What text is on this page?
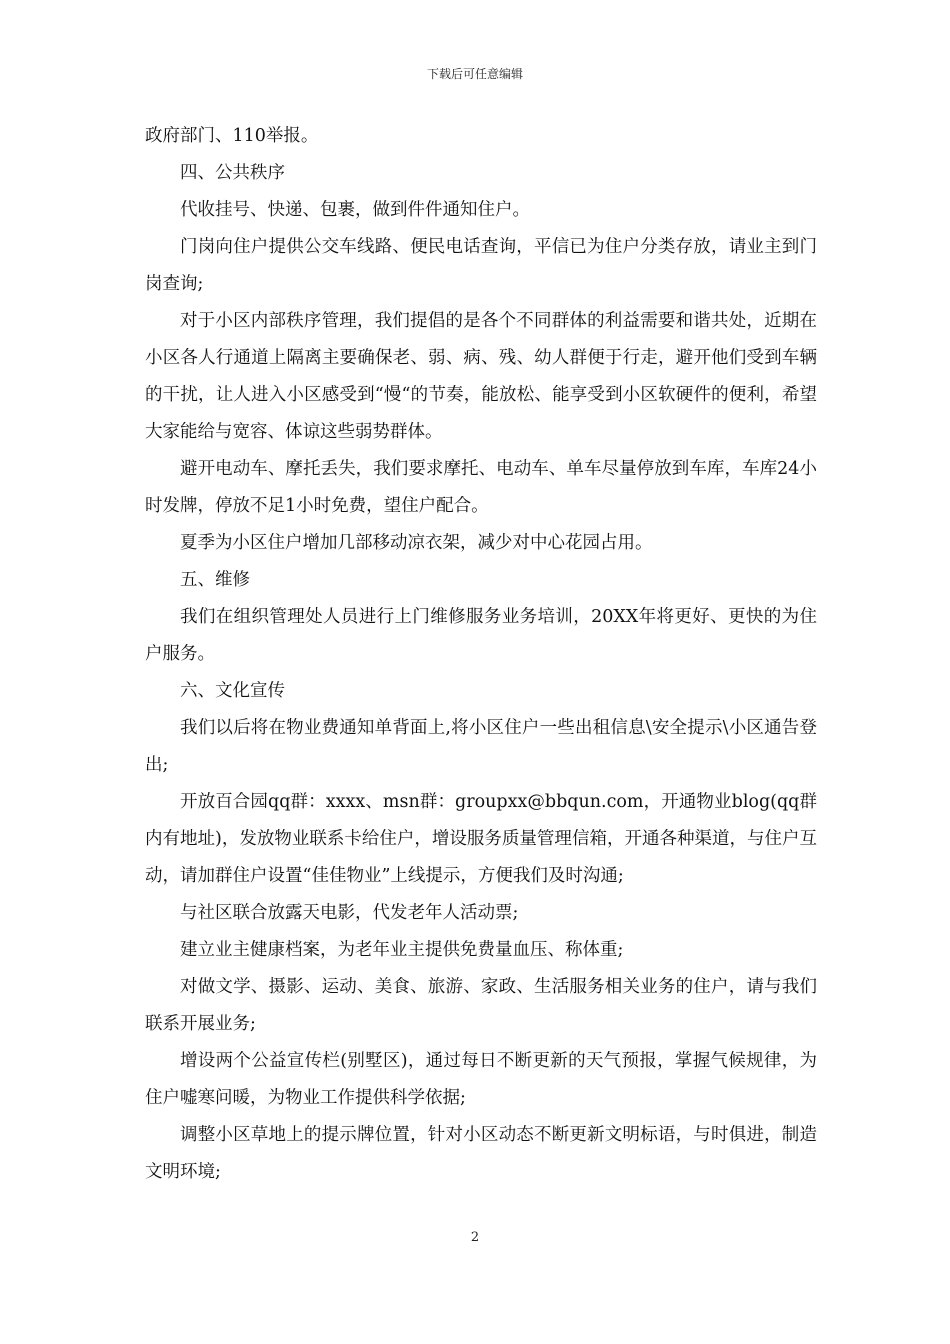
下载后可任意编辑

政府部门、110举报。

四、公共秩序

代收挂号、快递、包裹，做到件件通知住户。

门岗向住户提供公交车线路、便民电话查询，平信已为住户分类存放，请业主到门岗查询;

对于小区内部秩序管理，我们提倡的是各个不同群体的利益需要和谐共处，近期在小区各人行通道上隔离主要确保老、弱、病、残、幼人群便于行走，避开他们受到车辆的干扰，让人进入小区感受到“慢“的节奏，能放松、能享受到小区软硬件的便利，希望大家能给与宽容、体谅这些弱势群体。

避开电动车、摩托丢失，我们要求摩托、电动车、单车尽量停放到车库，车库24小时发牌，停放不足1小时免费，望住户配合。

夏季为小区住户增加几部移动凉衣架，减少对中心花园占用。

五、维修

我们在组织管理处人员进行上门维修服务业务培训，20XX年将更好、更快的为住户服务。

六、文化宣传

我们以后将在物业费通知单背面上,将小区住户一些出租信息\安全提示\小区通告登出;

开放百合园qq群：xxxx、msn群：groupxx@bbqun.com，开通物业blog(qq群内有地址)，发放物业联系卡给住户，增设服务质量管理信箱，开通各种渠道，与住户互动，请加群住户设置“佳佳物业”上线提示，方便我们及时沟通;

与社区联合放露天电影，代发老年人活动票;

建立业主健康档案，为老年业主提供免费量血压、称体重;

对做文学、摄影、运动、美食、旅游、家政、生活服务相关业务的住户，请与我们联系开展业务;

增设两个公益宣传栏(别墅区)，通过每日不断更新的天气预报，掌握气候规律，为住户嘘寒问暖，为物业工作提供科学依据;

调整小区草地上的提示牌位置，针对小区动态不断更新文明标语，与时俱进，制造文明环境;

2
